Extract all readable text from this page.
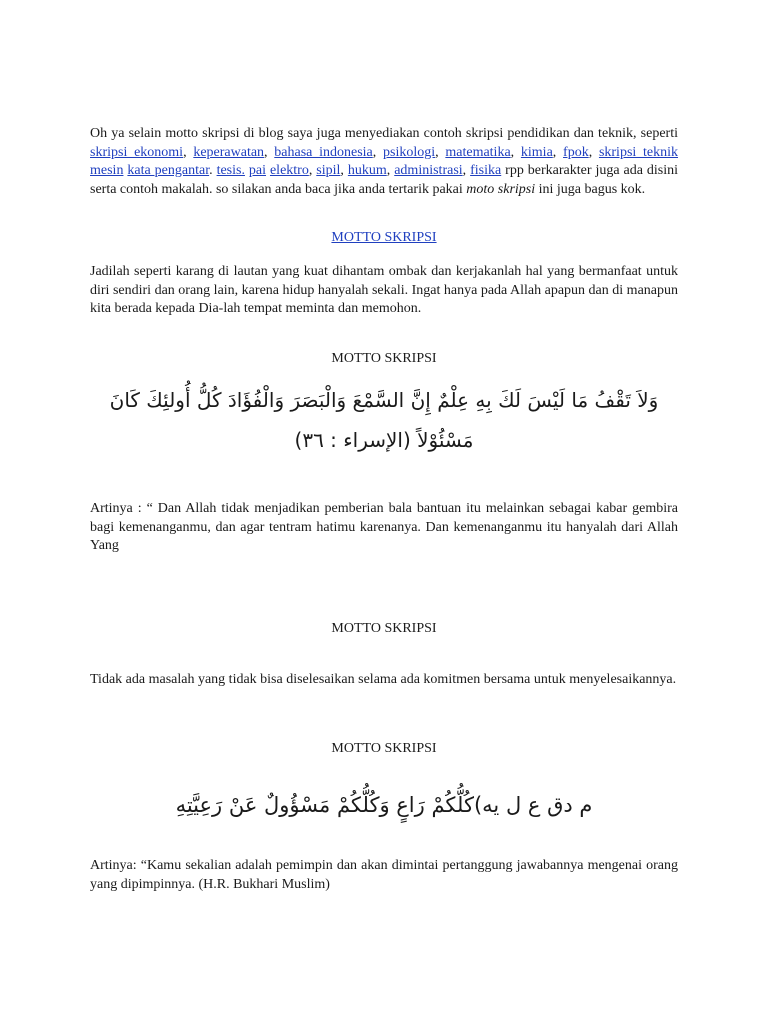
Oh ya selain motto skripsi di blog saya juga menyediakan contoh skripsi pendidikan dan teknik, seperti skripsi ekonomi, keperawatan, bahasa indonesia, psikologi, matematika, kimia, fpok, skripsi teknik mesin kata pengantar. tesis. pai elektro, sipil, hukum, administrasi, fisika rpp berkarakter juga ada disini serta contoh makalah. so silakan anda baca jika anda tertarik pakai moto skripsi ini juga bagus kok.

MOTTO SKRIPSI

Jadilah seperti karang di lautan yang kuat dihantam ombak dan kerjakanlah hal yang bermanfaat untuk diri sendiri dan orang lain, karena hidup hanyalah sekali. Ingat hanya pada Allah apapun dan di manapun kita berada kepada Dia-lah tempat meminta dan memohon.

MOTTO SKRIPSI
وَلاَ تَقْفُ مَا لَيْسَ لَكَ بِهِ عِلْمٌ إِنَّ السَّمْعَ وَالْبَصَرَ وَالْفُؤَادَ كُلُّ أُولئِكَ كَانَ مَسْئُوْلاً (الإسراء : ٣٦)

Artinya : “ Dan Allah tidak menjadikan pemberian bala bantuan itu melainkan sebagai kabar gembira bagi kemenanganmu, dan agar tentram hatimu karenanya. Dan kemenanganmu itu hanyalah dari Allah Yang

MOTTO SKRIPSI

Tidak ada masalah yang tidak bisa diselesaikan selama ada komitmen bersama untuk menyelesaikannya.

MOTTO SKRIPSI
م دق ع ل يه)كُلُّكُمْ رَاعٍ وَكُلُّكُمْ مَسْؤُولٌ عَنْ رَعِيَّتِهِ

Artinya: “Kamu sekalian adalah pemimpin dan akan dimintai pertanggung jawabannya mengenai orang yang dipimpinnya. (H.R. Bukhari Muslim)
